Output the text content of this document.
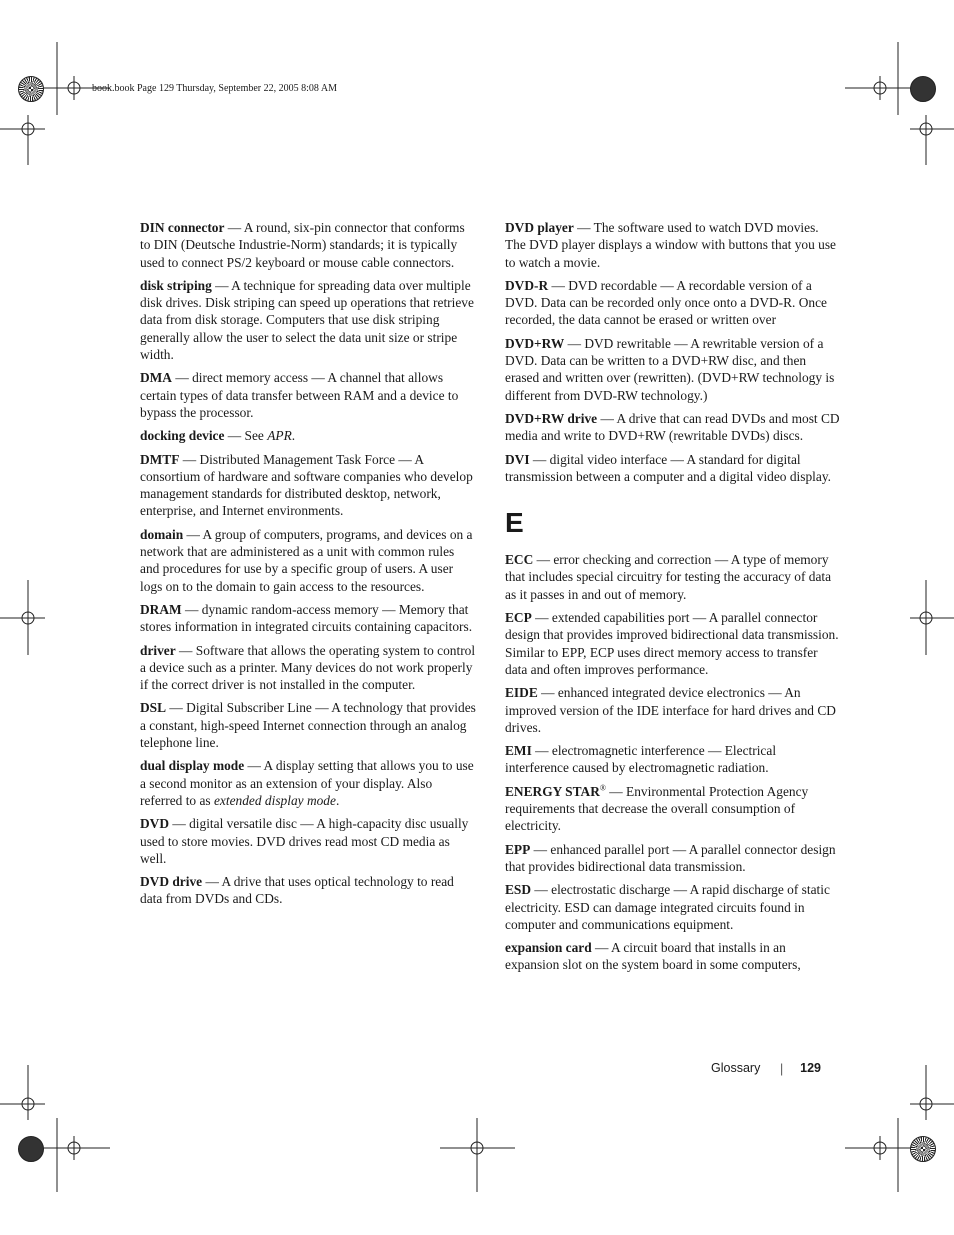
book.book Page 129 Thursday, September 22, 2005 8:08 AM
DIN connector — A round, six-pin connector that conforms to DIN (Deutsche Industrie-Norm) standards; it is typically used to connect PS/2 keyboard or mouse cable connectors.
disk striping — A technique for spreading data over multiple disk drives. Disk striping can speed up operations that retrieve data from disk storage. Computers that use disk striping generally allow the user to select the data unit size or stripe width.
DMA — direct memory access — A channel that allows certain types of data transfer between RAM and a device to bypass the processor.
docking device — See APR.
DMTF — Distributed Management Task Force — A consortium of hardware and software companies who develop management standards for distributed desktop, network, enterprise, and Internet environments.
domain — A group of computers, programs, and devices on a network that are administered as a unit with common rules and procedures for use by a specific group of users. A user logs on to the domain to gain access to the resources.
DRAM — dynamic random-access memory — Memory that stores information in integrated circuits containing capacitors.
driver — Software that allows the operating system to control a device such as a printer. Many devices do not work properly if the correct driver is not installed in the computer.
DSL — Digital Subscriber Line — A technology that provides a constant, high-speed Internet connection through an analog telephone line.
dual display mode — A display setting that allows you to use a second monitor as an extension of your display. Also referred to as extended display mode.
DVD — digital versatile disc — A high-capacity disc usually used to store movies. DVD drives read most CD media as well.
DVD drive — A drive that uses optical technology to read data from DVDs and CDs.
DVD player — The software used to watch DVD movies. The DVD player displays a window with buttons that you use to watch a movie.
DVD-R — DVD recordable — A recordable version of a DVD. Data can be recorded only once onto a DVD-R. Once recorded, the data cannot be erased or written over
DVD+RW — DVD rewritable — A rewritable version of a DVD. Data can be written to a DVD+RW disc, and then erased and written over (rewritten). (DVD+RW technology is different from DVD-RW technology.)
DVD+RW drive — A drive that can read DVDs and most CD media and write to DVD+RW (rewritable DVDs) discs.
DVI — digital video interface — A standard for digital transmission between a computer and a digital video display.
E
ECC — error checking and correction — A type of memory that includes special circuitry for testing the accuracy of data as it passes in and out of memory.
ECP — extended capabilities port — A parallel connector design that provides improved bidirectional data transmission. Similar to EPP, ECP uses direct memory access to transfer data and often improves performance.
EIDE — enhanced integrated device electronics — An improved version of the IDE interface for hard drives and CD drives.
EMI — electromagnetic interference — Electrical interference caused by electromagnetic radiation.
ENERGY STAR® — Environmental Protection Agency requirements that decrease the overall consumption of electricity.
EPP — enhanced parallel port — A parallel connector design that provides bidirectional data transmission.
ESD — electrostatic discharge — A rapid discharge of static electricity. ESD can damage integrated circuits found in computer and communications equipment.
expansion card — A circuit board that installs in an expansion slot on the system board in some computers,
Glossary | 129
